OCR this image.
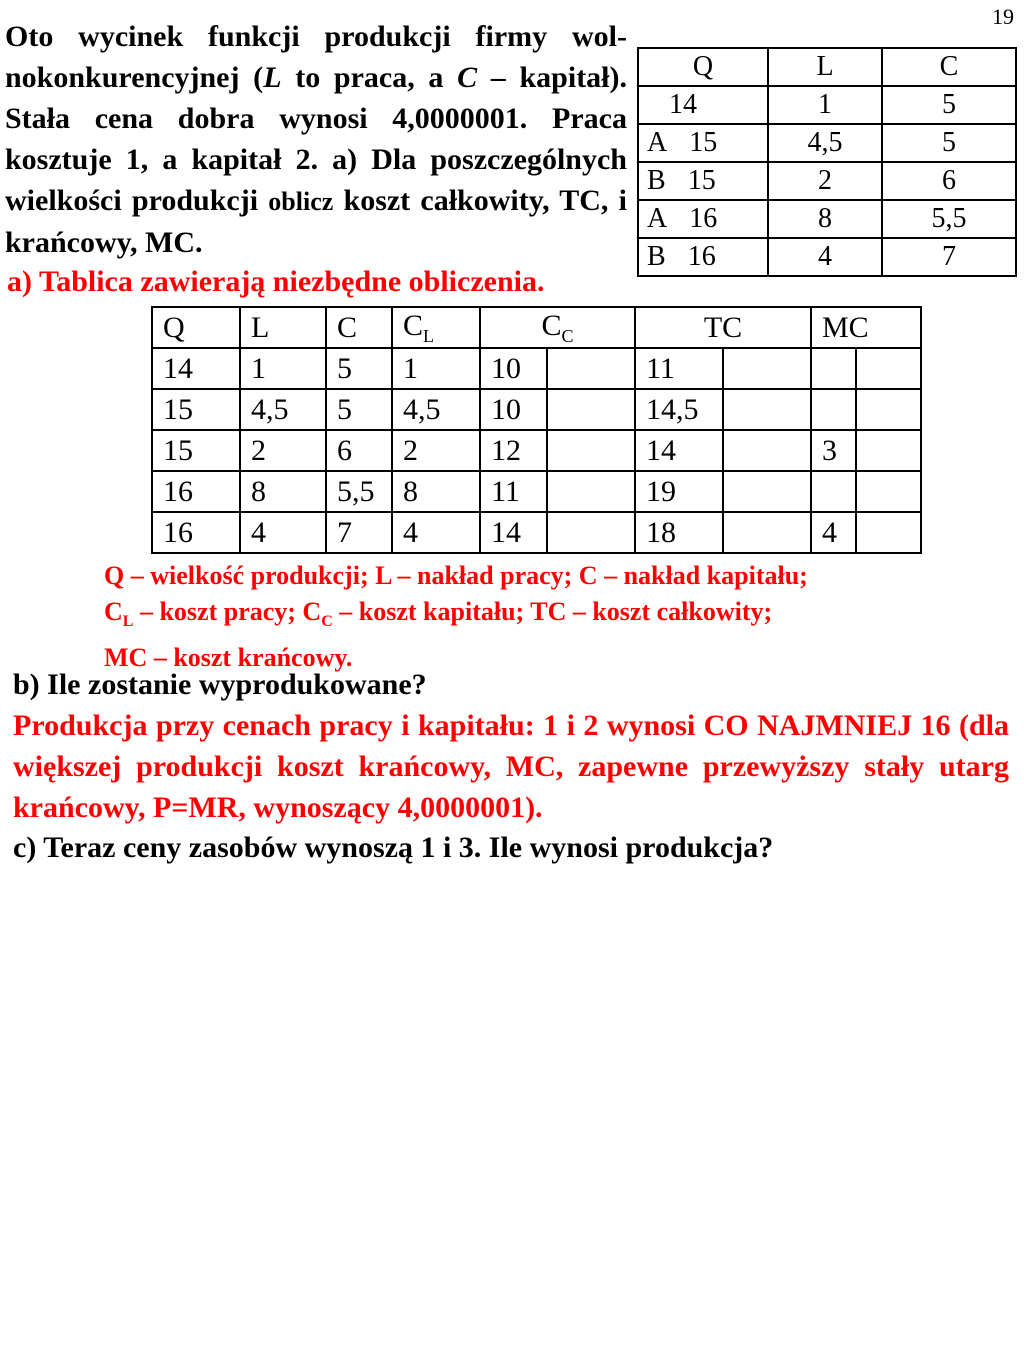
19

Oto wycinek funkcji produkcji firmy wolnokonkurencyjnej (L to praca, a C – kapitał). Stała cena dobra wynosi 4,0000001. Praca kosztuje 1, a kapitał 2. a) Dla poszczególnych wielkości produkcji oblicz koszt całkowity, TC, i krańcowy, MC.

Q	L	C
14	1	5
A 15	4,5	5
B 15	2	6
A 16	8	5,5
B 16	4	7
a) Tablica zawierają niezbędne obliczenia.
Q	L	C	$C_L$	$C_C$		TC		MC	
14	1	5	1	10		11			
15	4,5	5	4,5	10		14,5			
15	2	6	2	12		14		3	
16	8	5,5	8	11		19			
16	4	7	4	14		18		4	
Q – wielkość produkcji; L – nakład pracy; C – nakład kapitału;
$C_L$ – koszt pracy; $C_C$ – koszt kapitału; TC – koszt całkowity;
MC – koszt krańcowy.
b) Ile zostanie wyprodukowane?

Produkcja przy cenach pracy i kapitału: 1 i 2 wynosi CO NAJMNIEJ 16 (dla większej produkcji koszt krańcowy, MC, zapewne przewyższy stały utarg krańcowy, P=MR, wynoszący 4,0000001).

c) Teraz ceny zasobów wynoszą 1 i 3. Ile wynosi produkcja?
